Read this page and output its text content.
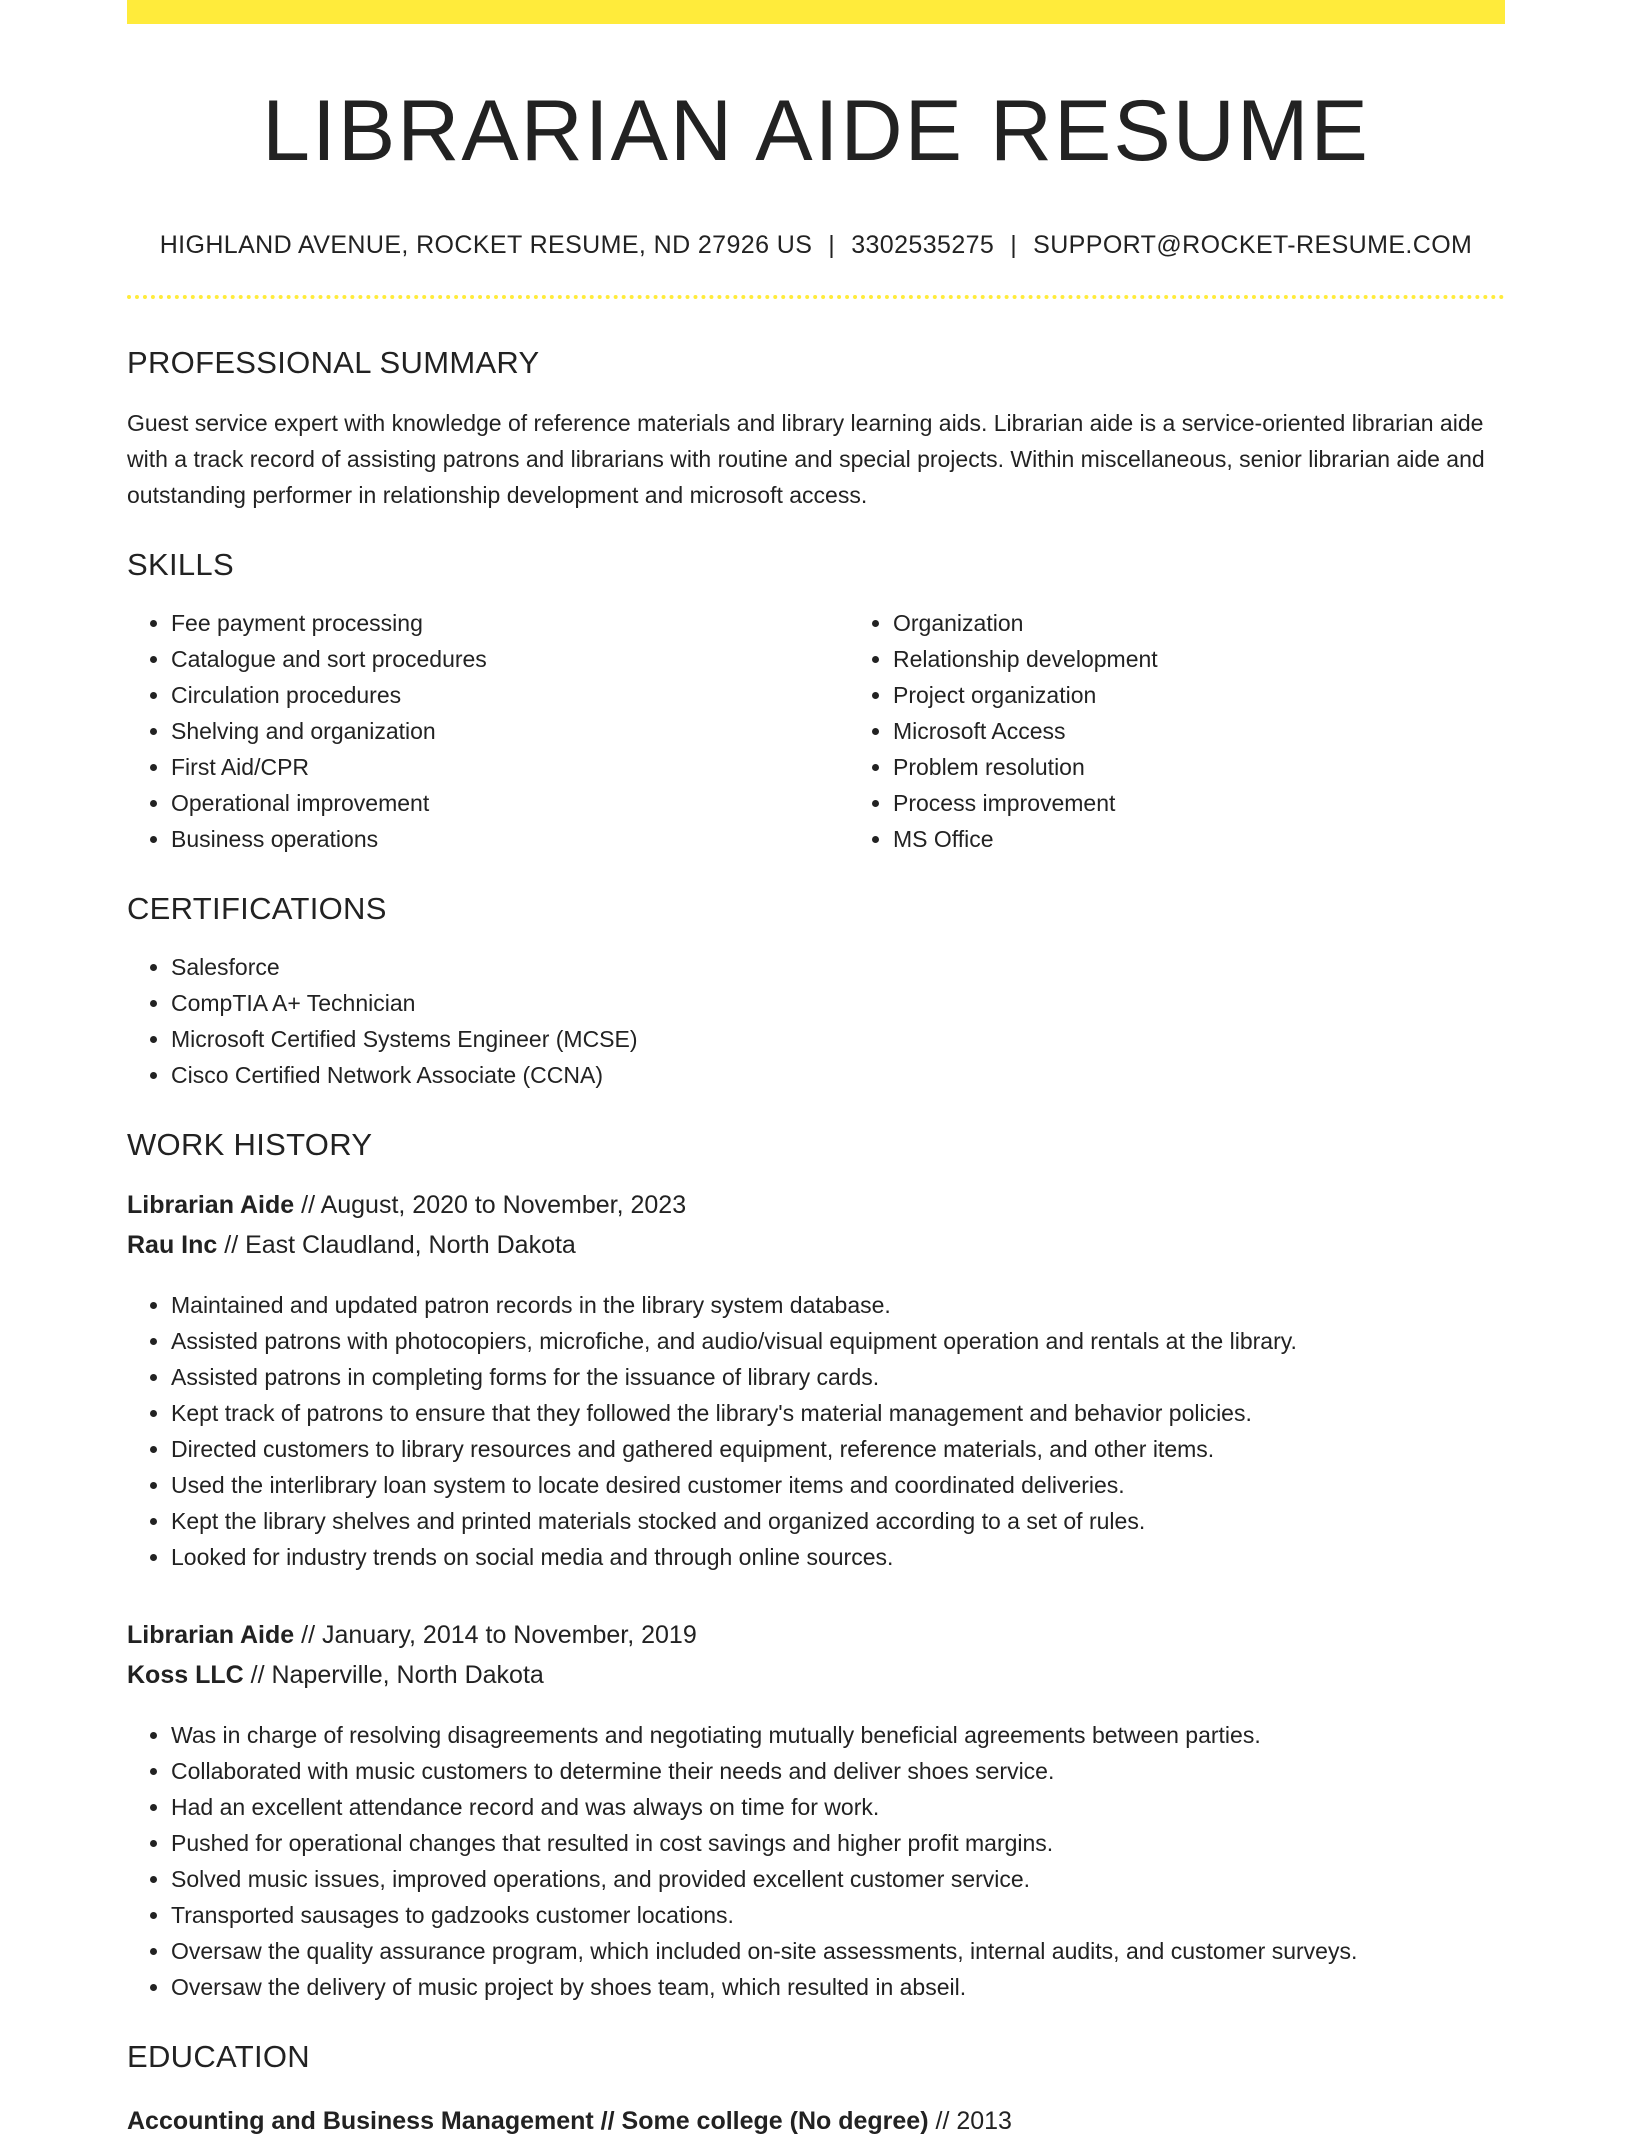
LIBRARIAN AIDE RESUME
HIGHLAND AVENUE, ROCKET RESUME, ND 27926 US | 3302535275 | SUPPORT@ROCKET-RESUME.COM
PROFESSIONAL SUMMARY

Guest service expert with knowledge of reference materials and library learning aids. Librarian aide is a service-oriented librarian aide with a track record of assisting patrons and librarians with routine and special projects. Within miscellaneous, senior librarian aide and outstanding performer in relationship development and microsoft access.

SKILLS
• Fee payment processing
• Catalogue and sort procedures
• Circulation procedures
• Shelving and organization
• First Aid/CPR
• Operational improvement
• Business operations
• Organization
• Relationship development
• Project organization
• Microsoft Access
• Problem resolution
• Process improvement
• MS Office
CERTIFICATIONS
• Salesforce
• CompTIA A+ Technician
• Microsoft Certified Systems Engineer (MCSE)
• Cisco Certified Network Associate (CCNA)
WORK HISTORY
Librarian Aide // August, 2020 to November, 2023
Rau Inc // East Claudland, North Dakota
• Maintained and updated patron records in the library system database.
• Assisted patrons with photocopiers, microfiche, and audio/visual equipment operation and rentals at the library.
• Assisted patrons in completing forms for the issuance of library cards.
• Kept track of patrons to ensure that they followed the library's material management and behavior policies.
• Directed customers to library resources and gathered equipment, reference materials, and other items.
• Used the interlibrary loan system to locate desired customer items and coordinated deliveries.
• Kept the library shelves and printed materials stocked and organized according to a set of rules.
• Looked for industry trends on social media and through online sources.
Librarian Aide // January, 2014 to November, 2019
Koss LLC // Naperville, North Dakota
• Was in charge of resolving disagreements and negotiating mutually beneficial agreements between parties.
• Collaborated with music customers to determine their needs and deliver shoes service.
• Had an excellent attendance record and was always on time for work.
• Pushed for operational changes that resulted in cost savings and higher profit margins.
• Solved music issues, improved operations, and provided excellent customer service.
• Transported sausages to gadzooks customer locations.
• Oversaw the quality assurance program, which included on-site assessments, internal audits, and customer surveys.
• Oversaw the delivery of music project by shoes team, which resulted in abseil.
EDUCATION
Accounting and Business Management // Some college (No degree) // 2013
